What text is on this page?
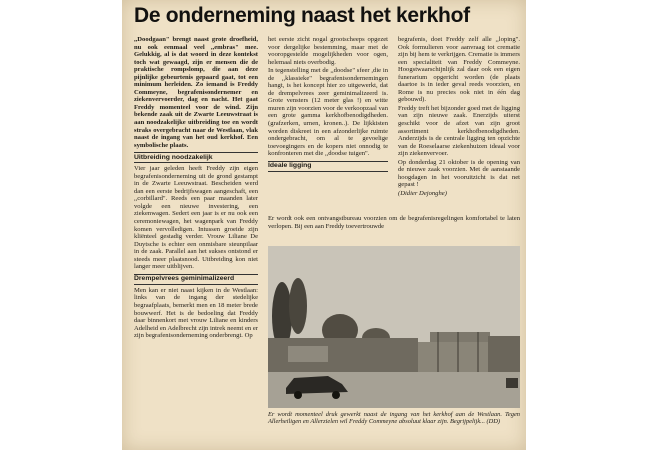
De onderneming naast het kerkhof

,,Doodgaan" brengt naast grote droefheid, nu ook eenmaal veel ,,embras" mee. Gelukkig, al is dat woord in deze kontekst toch wat gewaagd, zijn er mensen die de praktische rompslomp, die aan deze pijnlijke gebeurtenis gepaard gaat, tot een minimum herleiden. Zo iemand is Freddy Commeyne, begrafenisondernemer en ziekenvervoerder, dag en nacht. Het gaat Freddy momenteel voor de wind. Zijn bekende zaak uit de Zwarte Leeuwstraat is aan noodzakelijke uitbreiding toe en wordt straks overgebracht naar de Westlaan, vlak naast de ingang van het oud kerkhof. Een symbolische plaats.

Uitbreiding noodzakelijk

Vier jaar geleden heeft Freddy zijn eigen begrafenisonderneming uit de grond gestampt in de Zwarte Leeuwstraat. Bescheiden werd dan een eerste bedrijfswagen aangeschaft, een ,,corbillard". Reeds een paar maanden later volgde een nieuwe investering, een ziekenwagen. Sedert een jaar is er nu ook een ceremoniewagen, het wagenpark van Freddy komen vervolledigen. Intussen groeide zijn kliënteel gestadig verder. Vrouw Liliane De Duytsche is echter een onmisbare steunpilaar in de zaak. Parallel aan het sukses ontstond er steeds meer plaatsnood. Uitbreiding kon niet langer meer uitblijven.

Drempelvrees geminimalizeerd

Men kan er niet naast kijken in de Westlaan: links van de ingang der stedelijke begraafplaats, bemerkt men en 18 meter brede bouwwerf. Het is de bedoeling dat Freddy daar binnenkort met vrouw Liliane en kinders Adelheid en Adelbrecht zijn intrek neemt en er zijn begrafenisonderneming onderbrengt. Op

het eerste zicht nogal grootscheeps opgezet voor dergelijke bestemming, maar met de vooropgestelde mogelijkheden voor ogen, helemaal niets overbodig.

In tegenstelling met de ,,doodse" sfeer ,die in de ,,klassieke" begrafenisondernemingen hangt, is het koncept hier zo uitgewerkt, dat de drempelvrees zeer geminimalizeerd is. Grote vensters (12 meter glas !) en witte muren zijn voorzien voor de verkoopzaal van een grote gamma kerkhofbenodigdheden. (grafzerken, urnen, kronen..). De lijkkisten worden diskreet in een afzonderlijke ruimte ondergebracht, om al te gevoelige toevoegingers en de kopers niet onnodig te konfronteren met die ,,doodse tuigen".

Ideale ligging
Er wordt ook een ontvangstbureau voorzien om de begrafenisregelingen komfortabel te laten verlopen. Bij een aan Freddy toevertrouwde

begrafenis, doet Freddy zelf alle ,,loping". Ook formulieren voor aanvraag tot crematie zijn bij hem te verkrijgen. Crematie is immers een specialiteit van Freddy Commeyne. Hoogstwaarschijnlijk zal daar ook een eigen funerarium opgericht worden (de plaats daartoe is in ieder geval reeds voorzien, en Rome is nu precies ook niet in één dag gebouwd).

Freddy treft het bijzonder goed met de ligging van zijn nieuwe zaak. Enerzijds uiterst geschikt voor de afzet van zijn groot assortiment kerkhofbenodigdheden. Anderzijds is de centrale ligging ten opzichte van de Roeselaarse ziekenhuizen ideaal voor zijn ziekenvervoer.

Op donderdag 21 oktober is de opening van de nieuwe zaak voorzien. Met de aanstaande hoogdagen in het vooruitzicht is dat net gepast !

(Didier Dejonghe)

Er wordt momenteel druk gewerkt naast de ingang van het kerkhof aan de Westlaan. Tegen Allerheiligen en Allerzielen wil Freddy Commeyne absoluut klaar zijn. Begrijpelijk... (DD)
